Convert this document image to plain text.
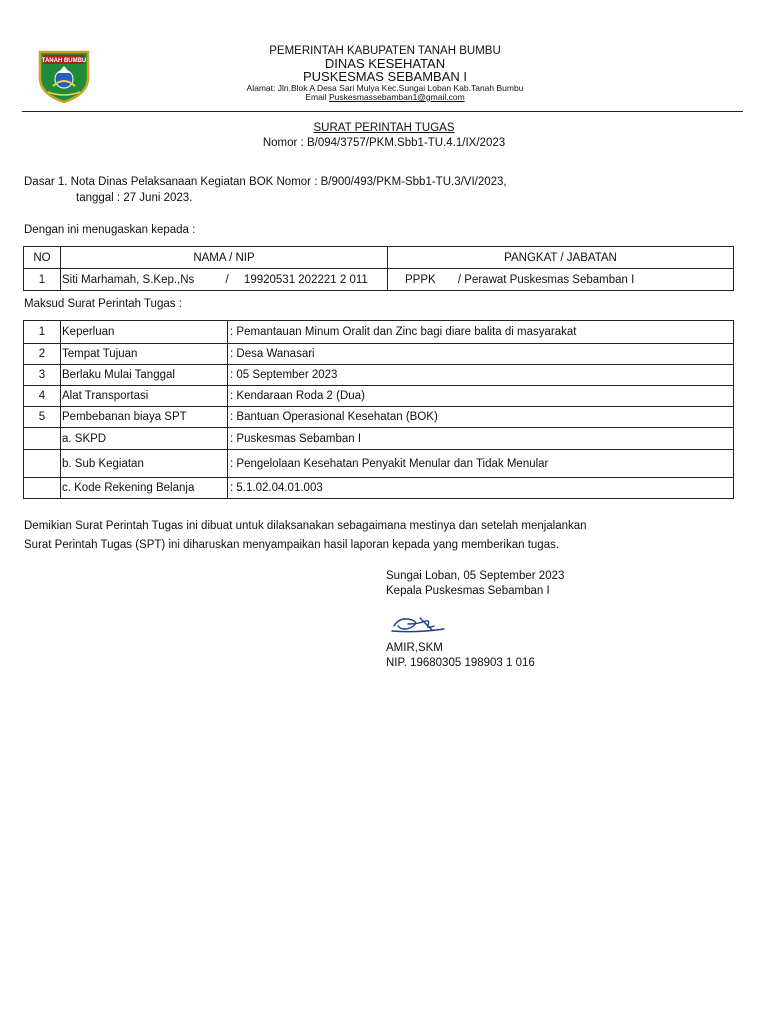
TANAH BUMBU
PEMERINTAH KABUPATEN TANAH BUMBU
DINAS KESEHATAN
PUSKESMAS SEBAMBAN I
Alamat: Jln.Blok A Desa Sari Mulya Kec.Sungai Loban Kab.Tanah Bumbu
Email Puskesmassebamban1@gmail.com
SURAT PERINTAH TUGAS
Nomor : B/094/3757/PKM.Sbb1-TU.4.1/IX/2023
Dasar 1. Nota Dinas Pelaksanaan Kegiatan BOK Nomor : B/900/493/PKM-Sbb1-TU.3/VI/2023,
tanggal : 27 Juni 2023.
Dengan ini menugaskan kepada :
NO	NAMA / NIP	PANGKAT / JABATAN
1	Siti Marhamah, S.Kep.,Ns / 19920531 202221 2 011	PPPK / Perawat Puskesmas Sebamban I
Maksud Surat Perintah Tugas :
1	Keperluan	: Pemantauan Minum Oralit dan Zinc bagi diare balita di masyarakat
2	Tempat Tujuan	: Desa Wanasari
3	Berlaku Mulai Tanggal	: 05 September 2023
4	Alat Transportasi	: Kendaraan Roda 2 (Dua)
5	Pembebanan biaya SPT	: Bantuan Operasional Kesehatan (BOK)
	a. SKPD	: Puskesmas Sebamban I
	b. Sub Kegiatan	: Pengelolaan Kesehatan Penyakit Menular dan Tidak Menular
	c. Kode Rekening Belanja	: 5.1.02.04.01.003
Demikian Surat Perintah Tugas ini dibuat untuk dilaksanakan sebagaimana mestinya dan setelah menjalankan
Surat Perintah Tugas (SPT) ini diharuskan menyampaikan hasil laporan kepada yang memberikan tugas.
Sungai Loban, 05 September 2023
Kepala Puskesmas Sebamban I
AMIR,SKM
NIP. 19680305 198903 1 016
